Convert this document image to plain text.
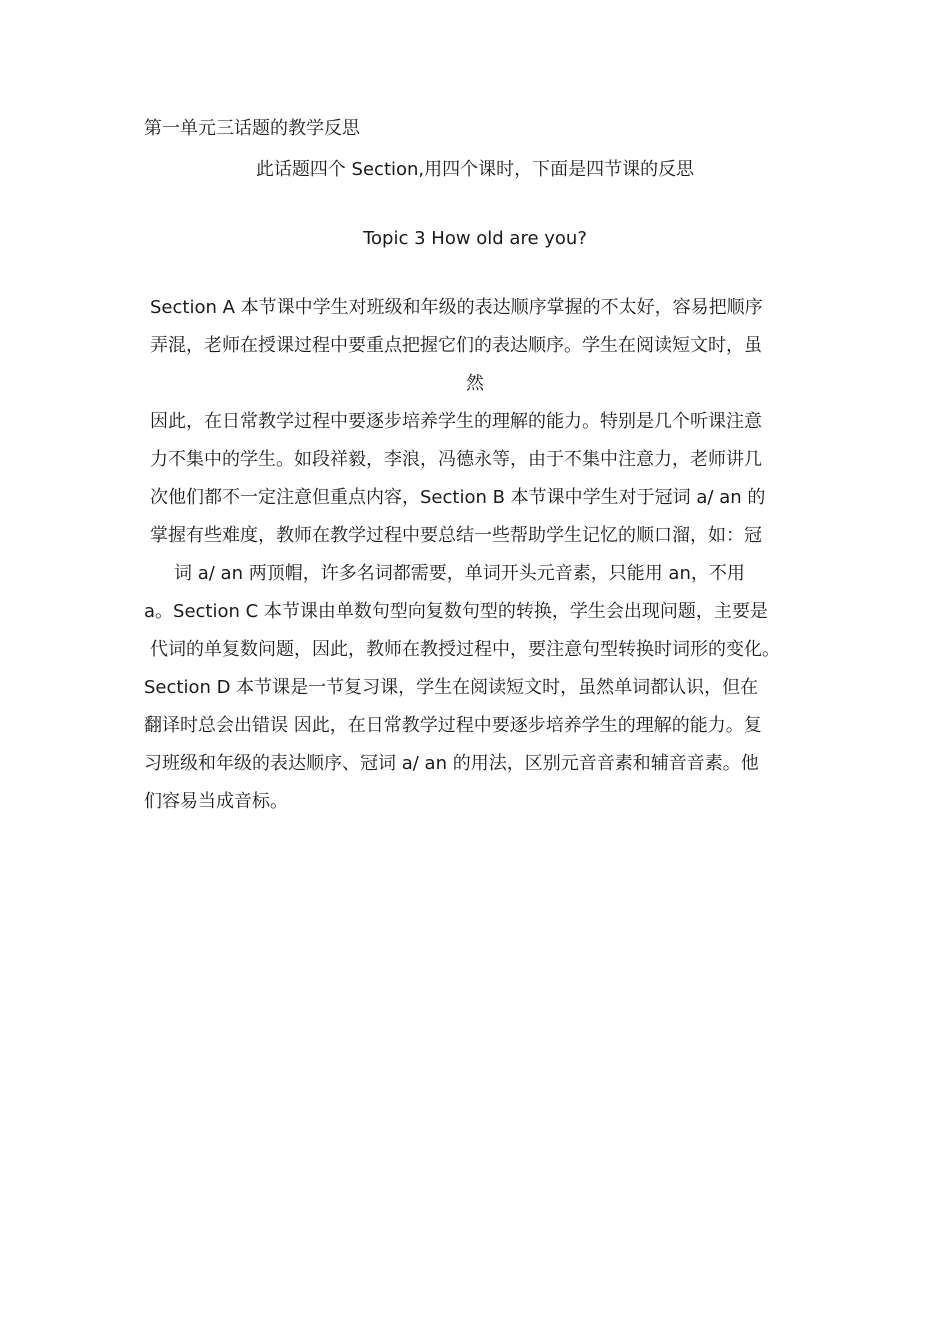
第一单元三话题的教学反思
此话题四个 Section,用四个课时，下面是四节课的反思
Topic 3 How old are you?
Section A 本节课中学生对班级和年级的表达顺序掌握的不太好，容易把顺序
弄混，老师在授课过程中要重点把握它们的表达顺序。学生在阅读短文时，虽
然
因此，在日常教学过程中要逐步培养学生的理解的能力。特别是几个听课注意
力不集中的学生。如段祥毅，李浪，冯德永等，由于不集中注意力，老师讲几
次他们都不一定注意但重点内容，Section B 本节课中学生对于冠词 a/ an 的
掌握有些难度，教师在教学过程中要总结一些帮助学生记忆的顺口溜，如：冠
词 a/ an 两顶帽，许多名词都需要，单词开头元音素，只能用 an，不用
a。Section C 本节课由单数句型向复数句型的转换，学生会出现问题，主要是
代词的单复数问题，因此，教师在教授过程中，要注意句型转换时词形的变化。
Section D 本节课是一节复习课，学生在阅读短文时，虽然单词都认识，但在
翻译时总会出错误 因此，在日常教学过程中要逐步培养学生的理解的能力。复
习班级和年级的表达顺序、冠词 a/ an 的用法，区别元音音素和辅音音素。他
们容易当成音标。
